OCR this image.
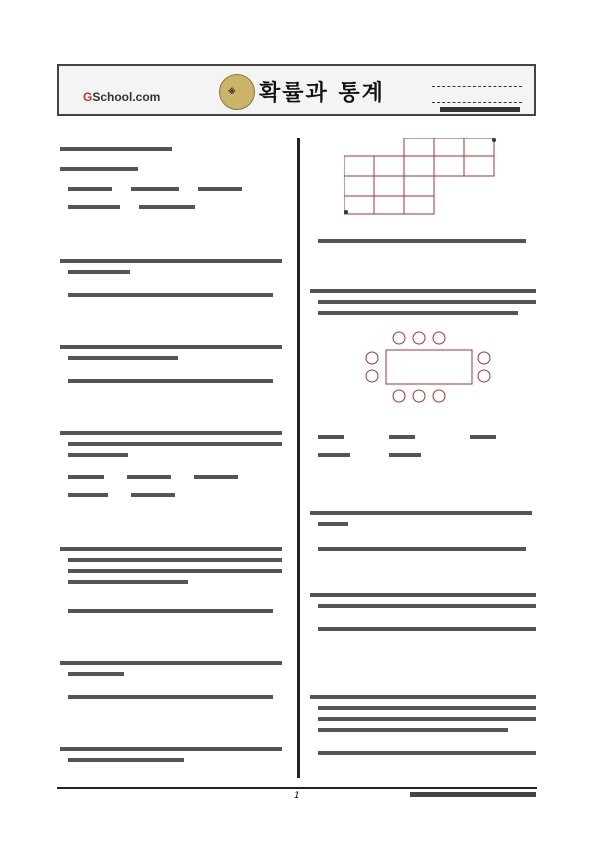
GSchool.com	※ 확률과 통계

1
